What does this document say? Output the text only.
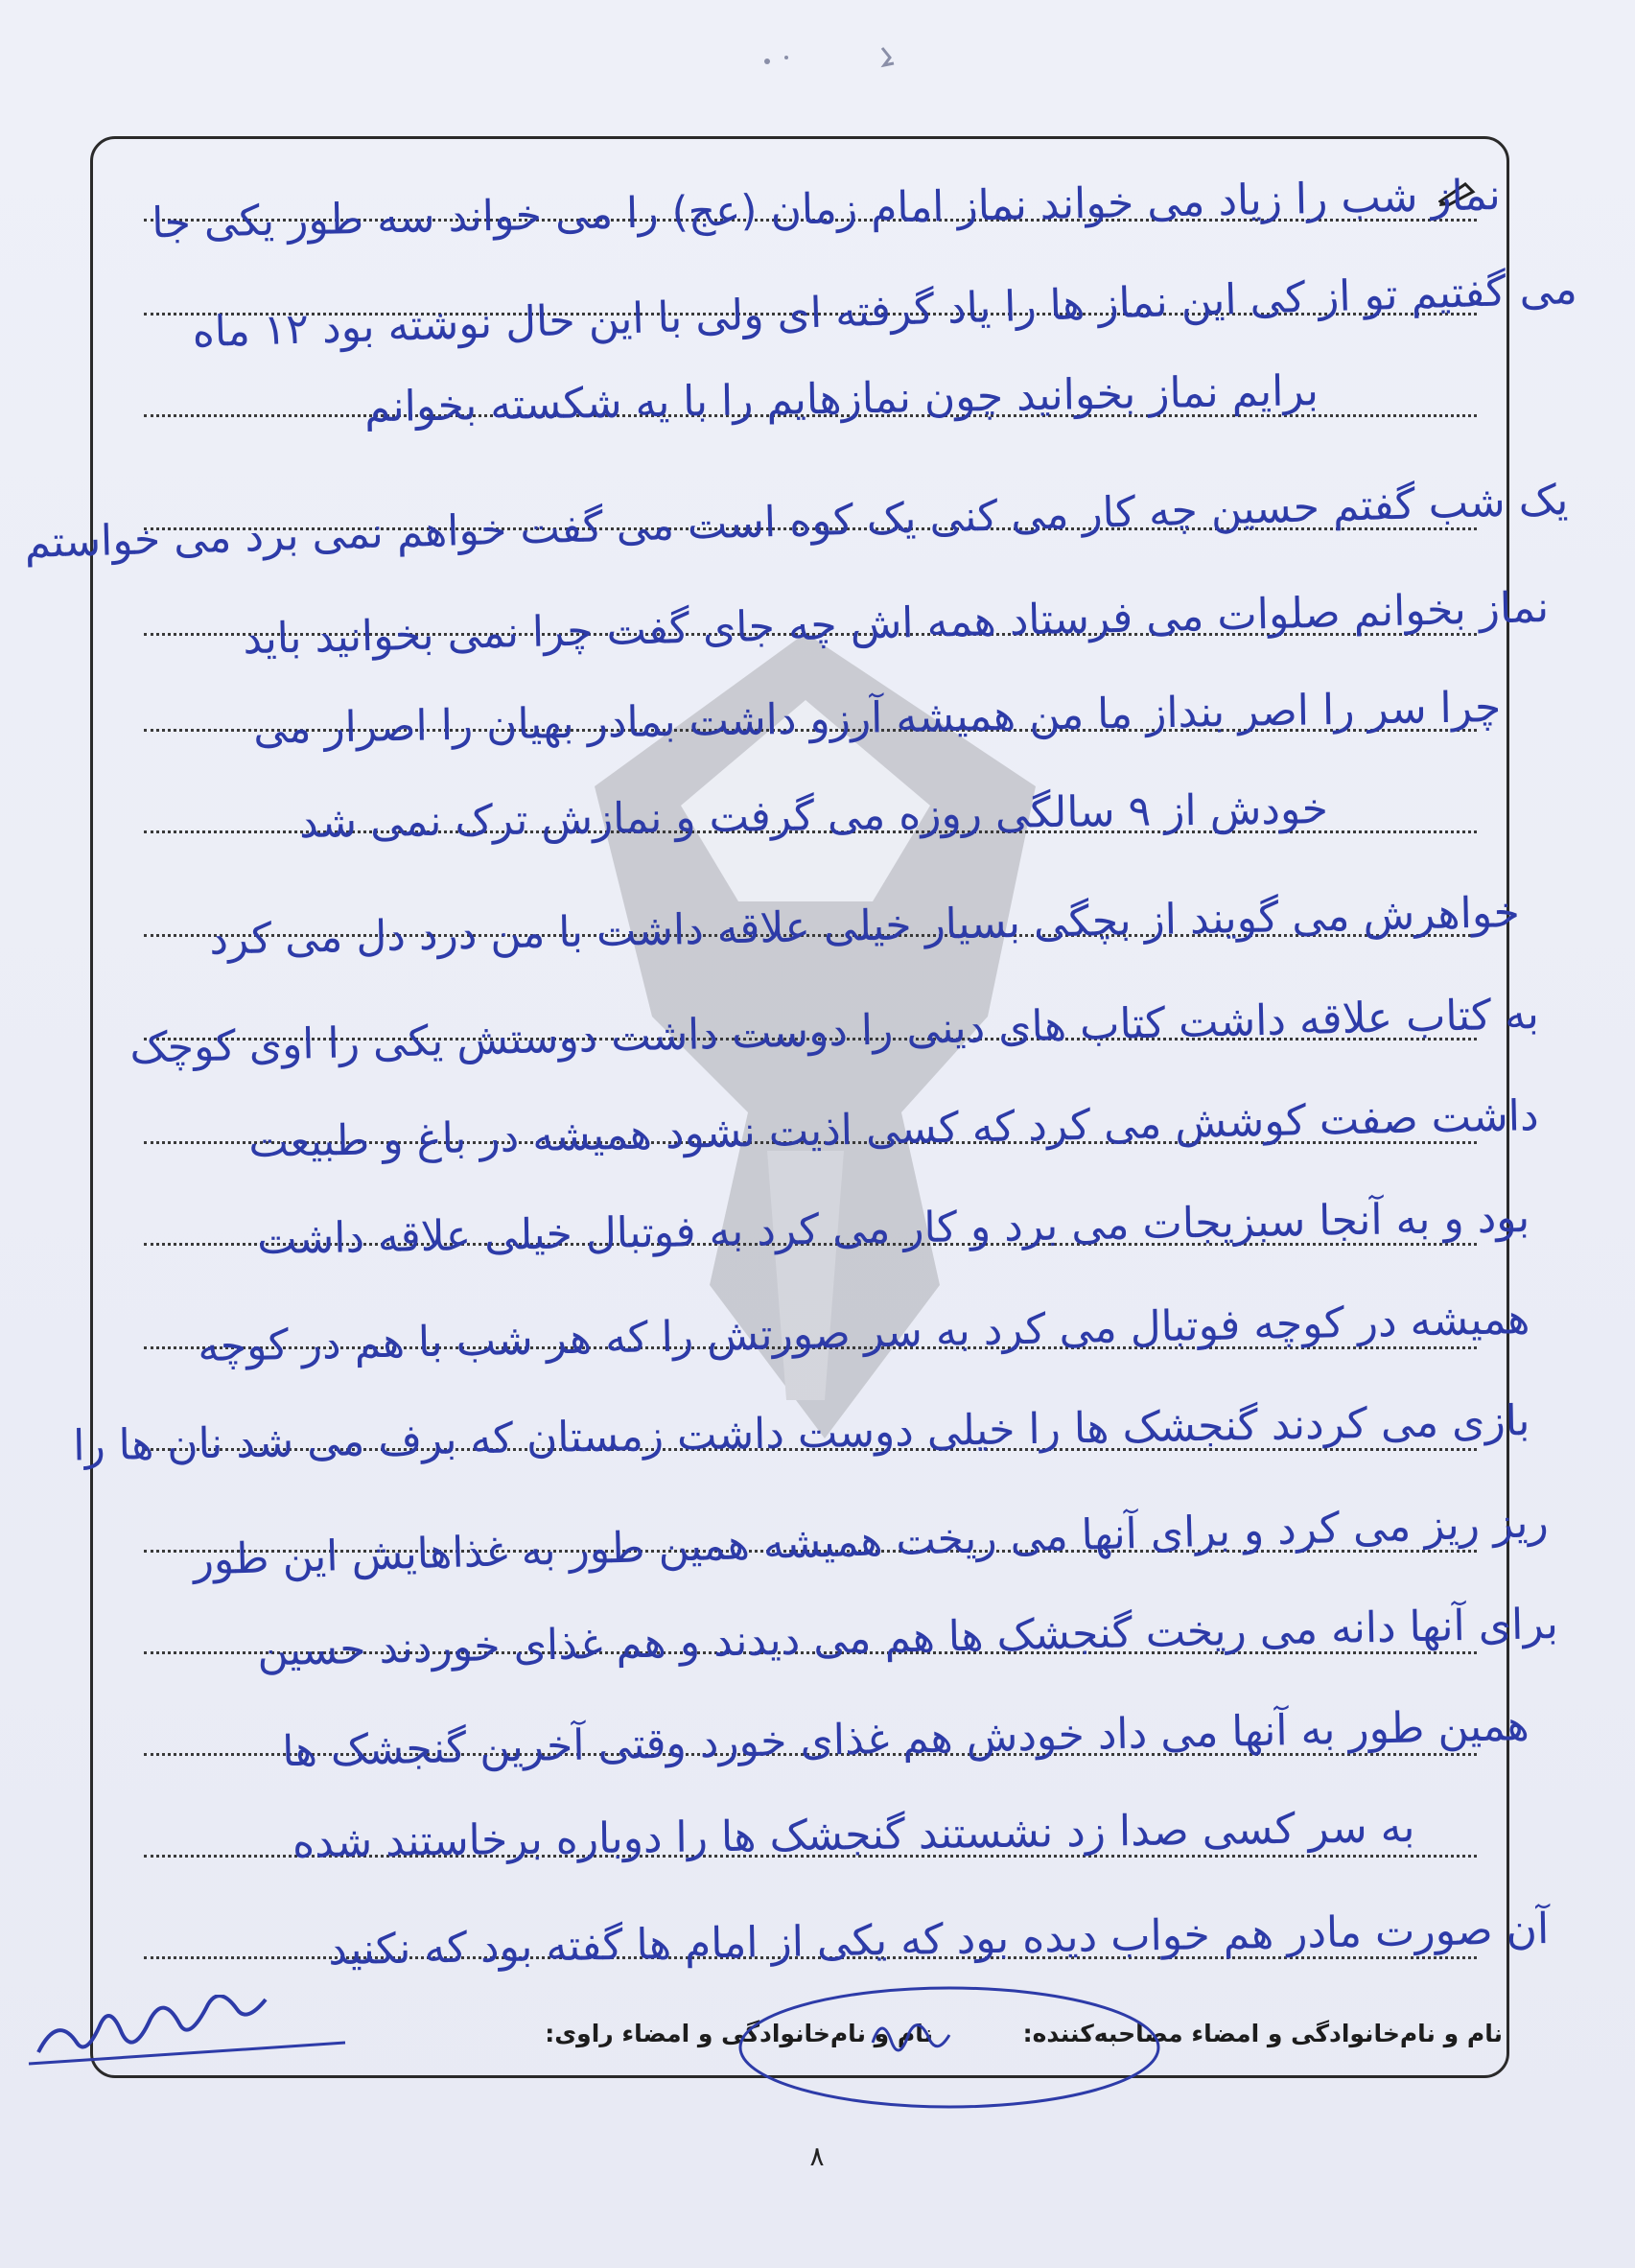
نماز شب را زیاد می خواند نماز امام زمان (عج) را می خواند سه طور یکی جا
می گفتیم تو از کی این نماز ها را یاد گرفته ای ولی با این حال نوشته بود ۱۲ ماه
برایم نماز بخوانید چون نمازهایم را با یه شکسته بخوانم
یک شب گفتم حسین چه کار می کنی یک کوه است می گفت خواهم نمی برد می خواستم
نماز بخوانم صلوات می فرستاد همه اش چه جای گفت چرا نمی بخوانید باید
چرا سر را اصر بنداز ما من همیشه آرزو داشت بمادر بهیان را اصرار می
خودش از ۹ سالگی روزه می گرفت و نمازش ترک نمی شد
خواهرش می گویند از بچگی بسیار خیلی علاقه داشت با من درد دل می کرد
به کتاب علاقه داشت کتاب های دینی را دوست داشت دوستش یکی را اوی کوچک
داشت صفت کوشش می کرد که کسی اذیت نشود همیشه در باغ و طبیعت
بود و به آنجا سبزیجات می برد و کار می کرد به فوتبال خیلی علاقه داشت
همیشه در کوچه فوتبال می کرد به سر صورتش را که هر شب با هم در کوچه
بازی می کردند گنجشک ها را خیلی دوست داشت زمستان که برف می شد نان ها را
ریز ریز می کرد و برای آنها می ریخت همیشه همین طور به غذاهایش این طور
برای آنها دانه می ریخت گنجشک ها هم می دیدند و هم غذای خوردند حسین
همین طور به آنها می داد خودش هم غذای خورد وقتی آخرین گنجشک ها
به سر کسی صدا زد نشستند گنجشک ها را دوباره برخاستند شده
آن صورت مادر هم خواب دیده بود که یکی از امام ها گفته بود که نکنید
نام و نام‌خانوادگی و امضاء مصاحبه‌کننده:
نام و نام‌خانوادگی و امضاء راوی:
۸
